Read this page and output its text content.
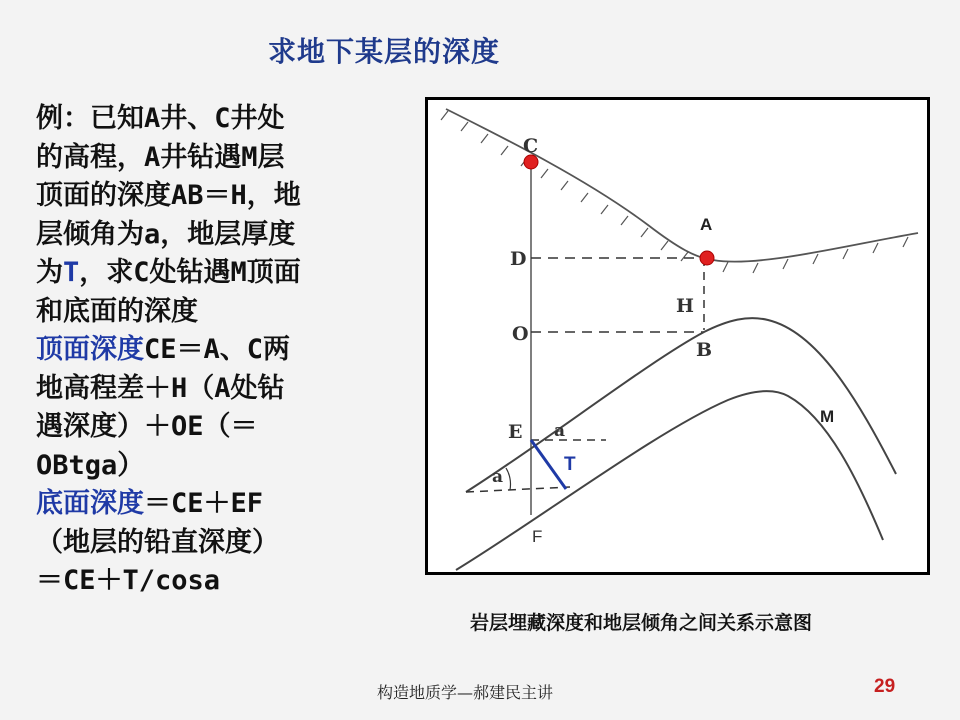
求地下某层的深度
例：已知A井、C井处
的高程，A井钻遇M层
顶面的深度AB＝H，地
层倾角为a，地层厚度
为T，求C处钻遇M顶面
和底面的深度
顶面深度CE＝A、C两
地高程差＋H（A处钻
遇深度）＋OE（＝
OBtga）
底面深度＝CE＋EF
（地层的铅直深度）
＝CE＋T/cosa
C
D
H
O
B
E a
a
A
M
T
F
岩层埋藏深度和地层倾角之间关系示意图
构造地质学—郝建民主讲	29
